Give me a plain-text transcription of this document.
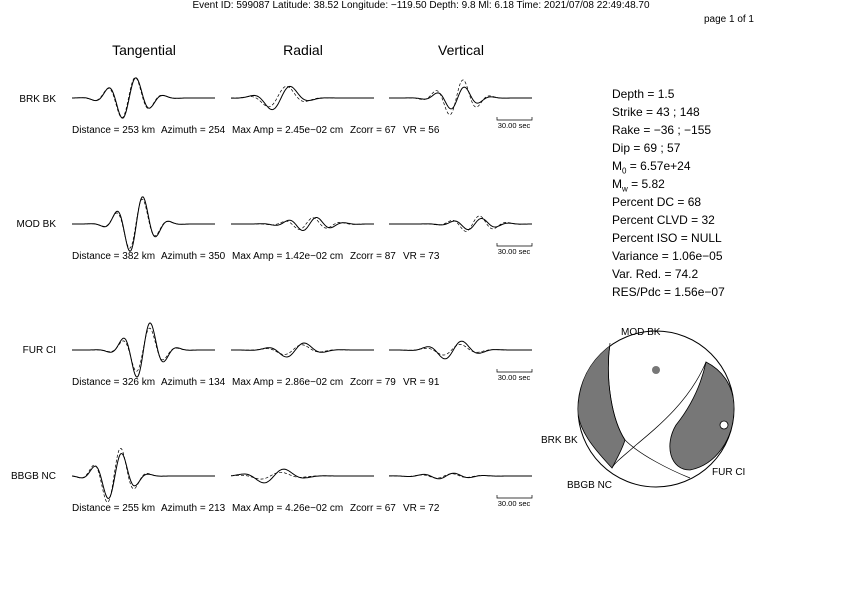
Event ID: 599087 Latitude: 38.52 Longitude: −119.50 Depth: 9.8 Ml: 6.18 Time: 2021/07/08 22:49:48.70
page 1 of 1
Tangential	Radial	Vertical
BRK BK
Distance = 253 km Azimuth = 254 Max Amp = 2.45e−02 cm Zcorr = 67 VR = 56	30.00 sec
MOD BK
Distance = 382 km Azimuth = 350 Max Amp = 1.42e−02 cm Zcorr = 87 VR = 73	30.00 sec
FUR CI
Distance = 326 km Azimuth = 134 Max Amp = 2.86e−02 cm Zcorr = 79 VR = 91	30.00 sec
BBGB NC
Distance = 255 km Azimuth = 213 Max Amp = 4.26e−02 cm Zcorr = 67 VR = 72	30.00 sec
Depth = 1.5
Strike = 43 ; 148
Rake = −36 ; −155
Dip = 69 ; 57
$M_0 = 6.57e+24$
$M_w = 5.82$
Percent DC = 68
Percent CLVD = 32
Percent ISO = NULL
Variance = 1.06e−05
Var. Red. = 74.2
RES/Pdc = 1.56e−07
MOD BK
BRK BK
BBGB NC
FUR CI
